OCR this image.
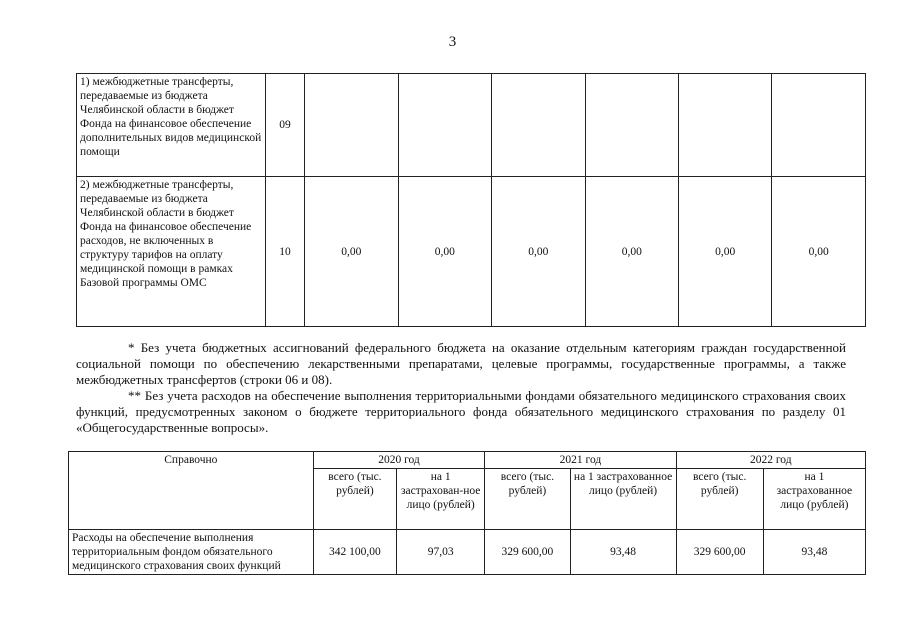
3
1) межбюджетные трансферты, передаваемые из бюджета Челябинской области в бюджет Фонда на финансовое обеспечение дополнительных видов медицинской помощи	09						
2) межбюджетные трансферты, передаваемые из бюджета Челябинской области в бюджет Фонда на финансовое обеспечение расходов, не включенных в структуру тарифов на оплату медицинской помощи в рамках Базовой программы ОМС	10	0,00	0,00	0,00	0,00	0,00	0,00

* Без учета бюджетных ассигнований федерального бюджета на оказание отдельным категориям граждан государственной социальной помощи по обеспечению лекарственными препаратами, целевые программы, государственные программы, а также межбюджетных трансфертов (строки 06 и 08).

** Без учета расходов на обеспечение выполнения территориальными фондами обязательного медицинского страхования своих функций, предусмотренных законом о бюджете территориального фонда обязательного медицинского страхования по разделу 01 «Общегосударственные вопросы».

Справочно	2020 год		2021 год		2022 год	
	всего (тыс. рублей)	на 1 застрахован-ное лицо (рублей)	всего (тыс. рублей)	на 1 застрахованное лицо (рублей)	всего (тыс. рублей)	на 1 застрахованное лицо (рублей)
Расходы на обеспечение выполнения территориальным фондом обязательного медицинского страхования своих функций	342 100,00	97,03	329 600,00	93,48	329 600,00	93,48
